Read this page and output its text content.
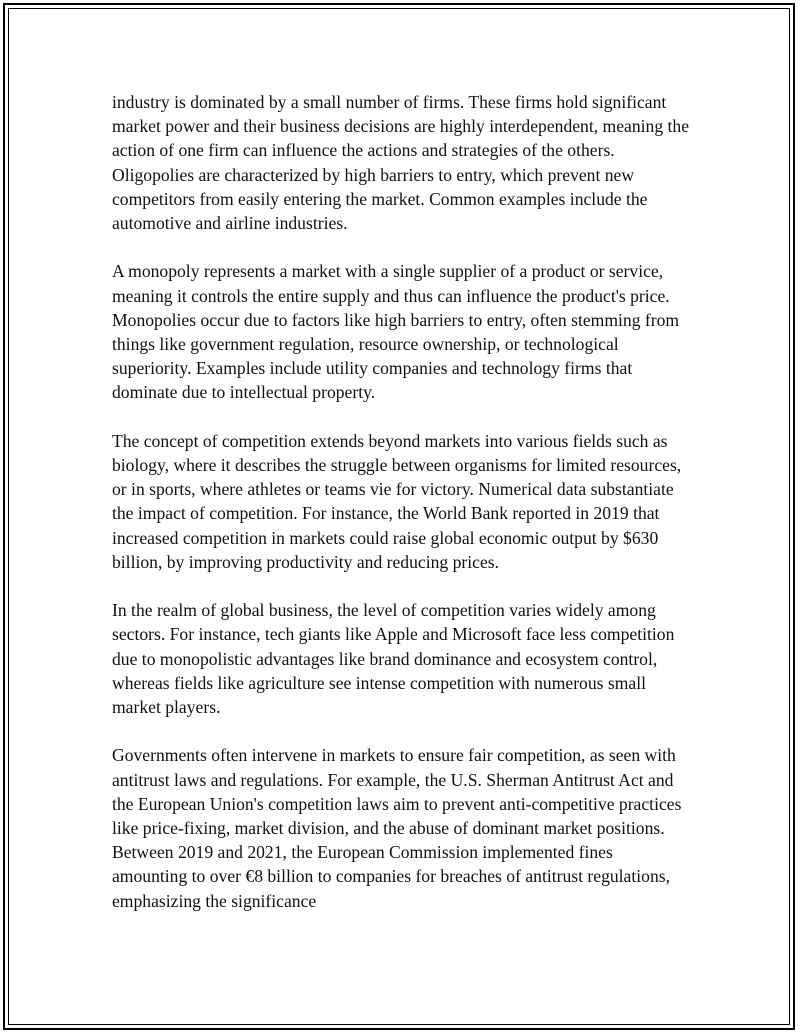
industry is dominated by a small number of firms. These firms hold significant market power and their business decisions are highly interdependent, meaning the action of one firm can influence the actions and strategies of the others. Oligopolies are characterized by high barriers to entry, which prevent new competitors from easily entering the market. Common examples include the automotive and airline industries.

A monopoly represents a market with a single supplier of a product or service, meaning it controls the entire supply and thus can influence the product's price. Monopolies occur due to factors like high barriers to entry, often stemming from things like government regulation, resource ownership, or technological superiority. Examples include utility companies and technology firms that dominate due to intellectual property.

The concept of competition extends beyond markets into various fields such as biology, where it describes the struggle between organisms for limited resources, or in sports, where athletes or teams vie for victory. Numerical data substantiate the impact of competition. For instance, the World Bank reported in 2019 that increased competition in markets could raise global economic output by $630 billion, by improving productivity and reducing prices.

In the realm of global business, the level of competition varies widely among sectors. For instance, tech giants like Apple and Microsoft face less competition due to monopolistic advantages like brand dominance and ecosystem control, whereas fields like agriculture see intense competition with numerous small market players.

Governments often intervene in markets to ensure fair competition, as seen with antitrust laws and regulations. For example, the U.S. Sherman Antitrust Act and the European Union's competition laws aim to prevent anti-competitive practices like price-fixing, market division, and the abuse of dominant market positions. Between 2019 and 2021, the European Commission implemented fines amounting to over €8 billion to companies for breaches of antitrust regulations, emphasizing the significance
